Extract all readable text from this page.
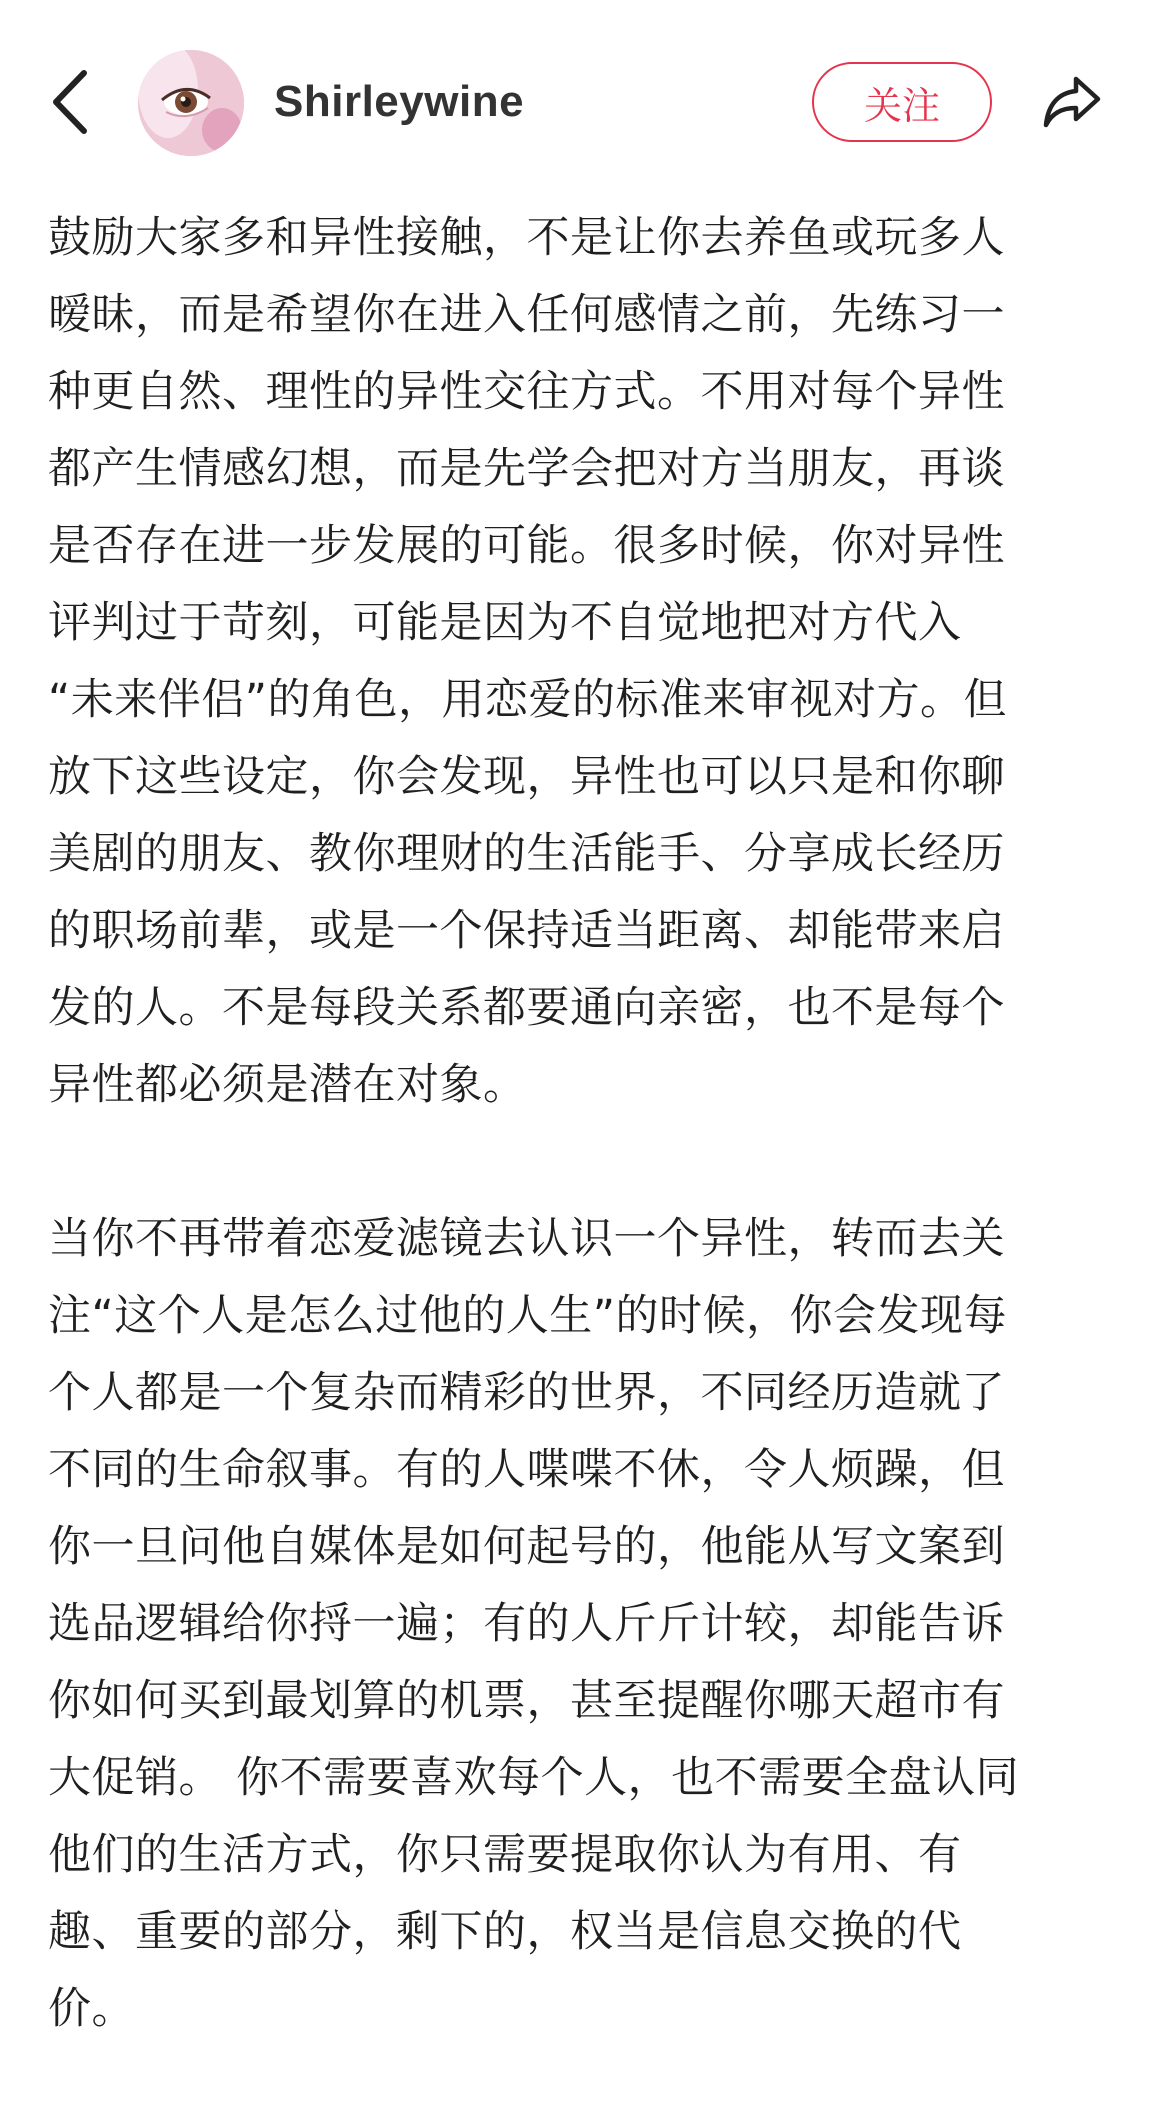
Shirleywine	关注
鼓励大家多和异性接触，不是让你去养鱼或玩多人
暧昧，而是希望你在进入任何感情之前，先练习一
种更自然、理性的异性交往方式。不用对每个异性
都产生情感幻想，而是先学会把对方当朋友，再谈
是否存在进一步发展的可能。很多时候，你对异性
评判过于苛刻，可能是因为不自觉地把对方代入
“未来伴侣”的角色，用恋爱的标准来审视对方。但
放下这些设定，你会发现，异性也可以只是和你聊
美剧的朋友、教你理财的生活能手、分享成长经历
的职场前辈，或是一个保持适当距离、却能带来启
发的人。不是每段关系都要通向亲密，也不是每个
异性都必须是潜在对象。
当你不再带着恋爱滤镜去认识一个异性，转而去关
注“这个人是怎么过他的人生”的时候，你会发现每
个人都是一个复杂而精彩的世界，不同经历造就了
不同的生命叙事。有的人喋喋不休，令人烦躁，但
你一旦问他自媒体是如何起号的，他能从写文案到
选品逻辑给你捋一遍；有的人斤斤计较，却能告诉
你如何买到最划算的机票，甚至提醒你哪天超市有
大促销。 你不需要喜欢每个人，也不需要全盘认同
他们的生活方式，你只需要提取你认为有用、有
趣、重要的部分，剩下的，权当是信息交换的代
价。
